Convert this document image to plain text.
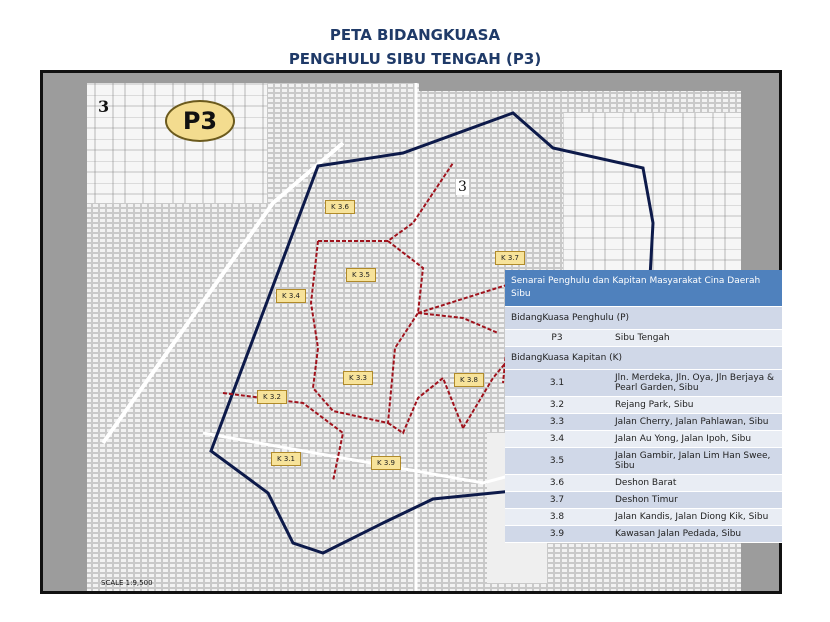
PETA BIDANGKUASA
PENGHULU SIBU TENGAH (P3)
3
3
P3
K 3.6
K 3.5
K 3.4
K 3.7
K 3.3
K 3.2
K 3.8
K 3.1	K 3.9
SCALE 1:9,500
Senarai Penghulu dan Kapitan Masyarakat Cina Daerah Sibu	
BidangKuasa Penghulu (P)	
P3	Sibu Tengah
BidangKuasa Kapitan (K)	
3.1	Jln. Merdeka, Jln. Oya, Jln Berjaya & Pearl Garden, Sibu
3.2	Rejang Park, Sibu
3.3	Jalan Cherry, Jalan Pahlawan, Sibu
3.4	Jalan Au Yong, Jalan Ipoh, Sibu
3.5	Jalan Gambir, Jalan Lim Han Swee, Sibu
3.6	Deshon Barat
3.7	Deshon Timur
3.8	Jalan Kandis, Jalan Diong Kik, Sibu
3.9	Kawasan Jalan Pedada, Sibu
